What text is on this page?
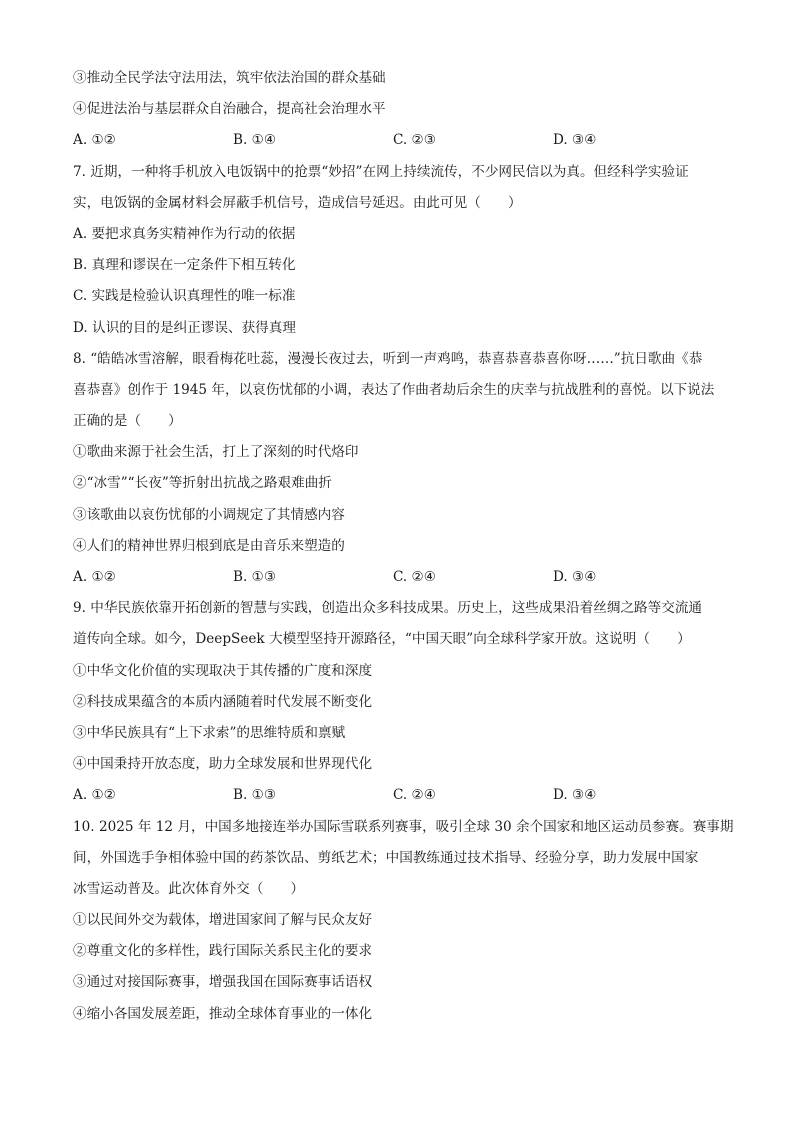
③推动全民学法守法用法，筑牢依法治国的群众基础
④促进法治与基层群众自治融合，提高社会治理水平
A. ①②	B. ①④	C. ②③	D. ③④
7. 近期，一种将手机放入电饭锅中的抢票“妙招”在网上持续流传，不少网民信以为真。但经科学实验证
实，电饭锅的金属材料会屏蔽手机信号，造成信号延迟。由此可见（　　）
A. 要把求真务实精神作为行动的依据
B. 真理和谬误在一定条件下相互转化
C. 实践是检验认识真理性的唯一标准
D. 认识的目的是纠正谬误、获得真理
8. “皓皓冰雪溶解，眼看梅花吐蕊，漫漫长夜过去，听到一声鸡鸣，恭喜恭喜恭喜你呀……”抗日歌曲《恭
喜恭喜》创作于 1945 年，以哀伤忧郁的小调，表达了作曲者劫后余生的庆幸与抗战胜利的喜悦。以下说法
正确的是（　　）
①歌曲来源于社会生活，打上了深刻的时代烙印
②“冰雪”“长夜”等折射出抗战之路艰难曲折
③该歌曲以哀伤忧郁的小调规定了其情感内容
④人们的精神世界归根到底是由音乐来塑造的
A. ①②	B. ①③	C. ②④	D. ③④
9. 中华民族依靠开拓创新的智慧与实践，创造出众多科技成果。历史上，这些成果沿着丝绸之路等交流通
道传向全球。如今，DeepSeek 大模型坚持开源路径，“中国天眼”向全球科学家开放。这说明（　　）
①中华文化价值的实现取决于其传播的广度和深度
②科技成果蕴含的本质内涵随着时代发展不断变化
③中华民族具有“上下求索”的思维特质和禀赋
④中国秉持开放态度，助力全球发展和世界现代化
A. ①②	B. ①③	C. ②④	D. ③④
10. 2025 年 12 月，中国多地接连举办国际雪联系列赛事，吸引全球 30 余个国家和地区运动员参赛。赛事期
间，外国选手争相体验中国的药茶饮品、剪纸艺术；中国教练通过技术指导、经验分享，助力发展中国家
冰雪运动普及。此次体育外交（　　）
①以民间外交为载体，增进国家间了解与民众友好
②尊重文化的多样性，践行国际关系民主化的要求
③通过对接国际赛事，增强我国在国际赛事话语权
④缩小各国发展差距，推动全球体育事业的一体化
